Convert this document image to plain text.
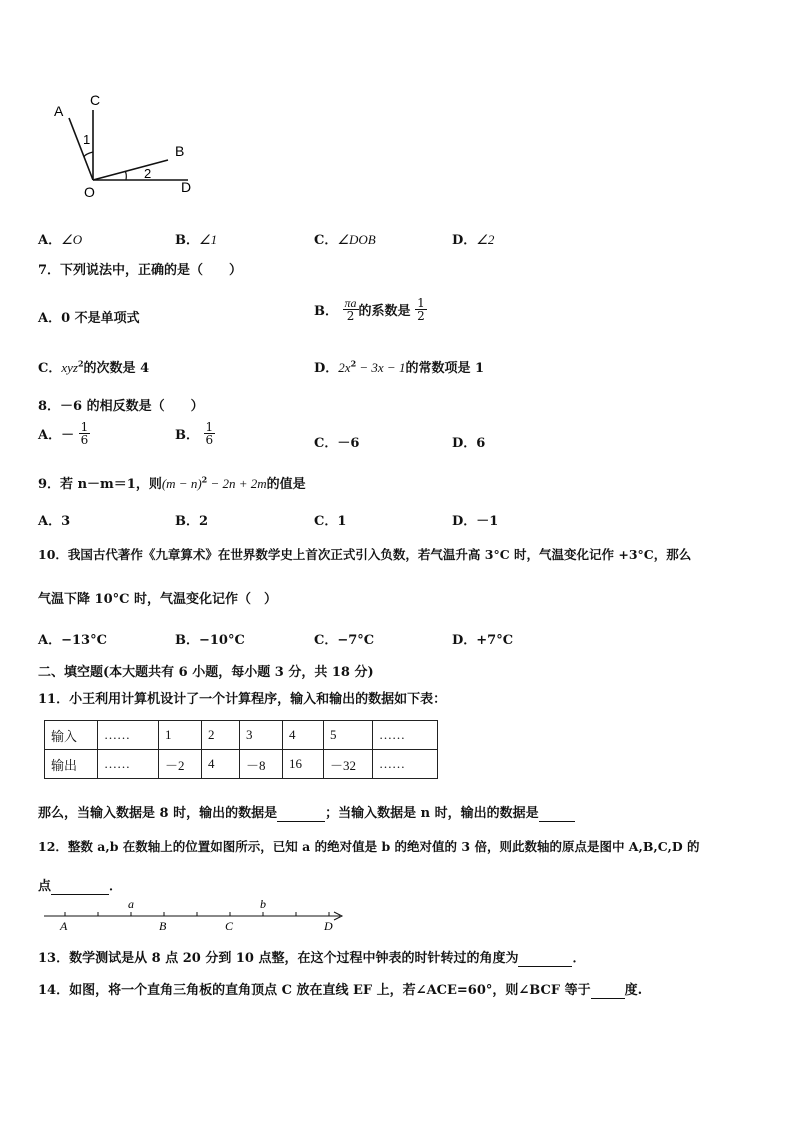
A
C
1
B
2
O	D
A．∠O	B．∠1	C．∠DOB	D．∠2
7．下列说法中，正确的是（　　）
A．0 不是单项式	B． $\frac{\pi a}{2}$ 的系数是 $\frac{1}{2}$
C．xyz$^2$的次数是 4	D．$2x^2 - 3x - 1$的常数项是 1
8．－6 的相反数是（　　）
A．－ $\frac{1}{6}$	B． $\frac{1}{6}$	C．－6	D．6
9．若 n－m＝1，则$(m - n)^2 - 2n + 2m$的值是
A．3	B．2	C．1	D．－1
10．我国古代著作《九章算术》在世界数学史上首次正式引入负数，若气温升高 3°C 时，气温变化记作 +3°C，那么
气温下降 10°C 时，气温变化记作（　）
A．−13°C	B．−10°C	C．−7°C	D．+7°C
二、填空题(本大题共有 6 小题，每小题 3 分，共 18 分)
11．小王利用计算机设计了一个计算程序，输入和输出的数据如下表：
输入	……	1	2	3	4	5	……
输出	……	－2	4	－8	16	－32	……
那么，当输入数据是 8 时，输出的数据是	；当输入数据是 n 时，输出的数据是
12．整数 a,b 在数轴上的位置如图所示，已知 a 的绝对值是 b 的绝对值的 3 倍，则此数轴的原点是图中 A,B,C,D 的
点	．
a	b
A	B	C	D
13．数学测试是从 8 点 20 分到 10 点整，在这个过程中钟表的时针转过的角度为	．
14．如图，将一个直角三角板的直角顶点 C 放在直线 EF 上，若∠ACE=60°，则∠BCF 等于	度.
